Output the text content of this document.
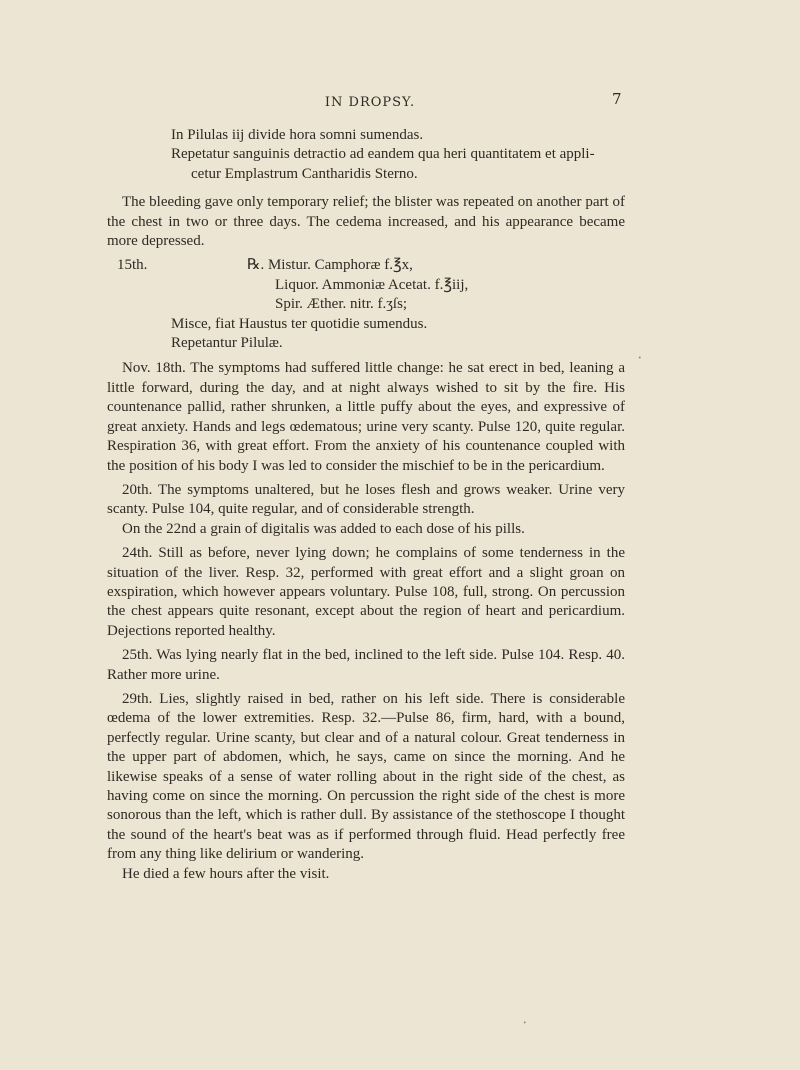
IN DROPSY.	7

In Pilulas iij divide hora somni sumendas.

Repetatur sanguinis detractio ad eandem qua heri quantitatem et appli-

cetur Emplastrum Cantharidis Sterno.

The bleeding gave only temporary relief; the blister was repeated on another part of the chest in two or three days. The cedema increased, and his appearance became more depressed.

15th.	℞. Mistur. Camphoræ f.℥x,
Liquor. Ammoniæ Acetat. f.℥iij,
Spir. Æther. nitr. f.ʒſs;
Misce, fiat Haustus ter quotidie sumendus.
Repetantur Pilulæ.

Nov. 18th. The symptoms had suffered little change: he sat erect in bed, leaning a little forward, during the day, and at night always wished to sit by the fire. His countenance pallid, rather shrunken, a little puffy about the eyes, and expressive of great anxiety. Hands and legs œdematous; urine very scanty. Pulse 120, quite regular. Respiration 36, with great effort. From the anxiety of his countenance coupled with the position of his body I was led to consider the mischief to be in the pericardium.

20th. The symptoms unaltered, but he loses flesh and grows weaker. Urine very scanty. Pulse 104, quite regular, and of considerable strength.

On the 22nd a grain of digitalis was added to each dose of his pills.

24th. Still as before, never lying down; he complains of some tenderness in the situation of the liver. Resp. 32, performed with great effort and a slight groan on exspiration, which however appears voluntary. Pulse 108, full, strong. On percussion the chest appears quite resonant, except about the region of heart and pericardium. Dejections reported healthy.

25th. Was lying nearly flat in the bed, inclined to the left side. Pulse 104. Resp. 40. Rather more urine.

29th. Lies, slightly raised in bed, rather on his left side. There is considerable œdema of the lower extremities. Resp. 32.—Pulse 86, firm, hard, with a bound, perfectly regular. Urine scanty, but clear and of a natural colour. Great tenderness in the upper part of abdomen, which, he says, came on since the morning. And he likewise speaks of a sense of water rolling about in the right side of the chest, as having come on since the morning. On percussion the right side of the chest is more sonorous than the left, which is rather dull. By assistance of the stethoscope I thought the sound of the heart's beat was as if performed through fluid. Head perfectly free from any thing like delirium or wandering.

He died a few hours after the visit.

•
•
